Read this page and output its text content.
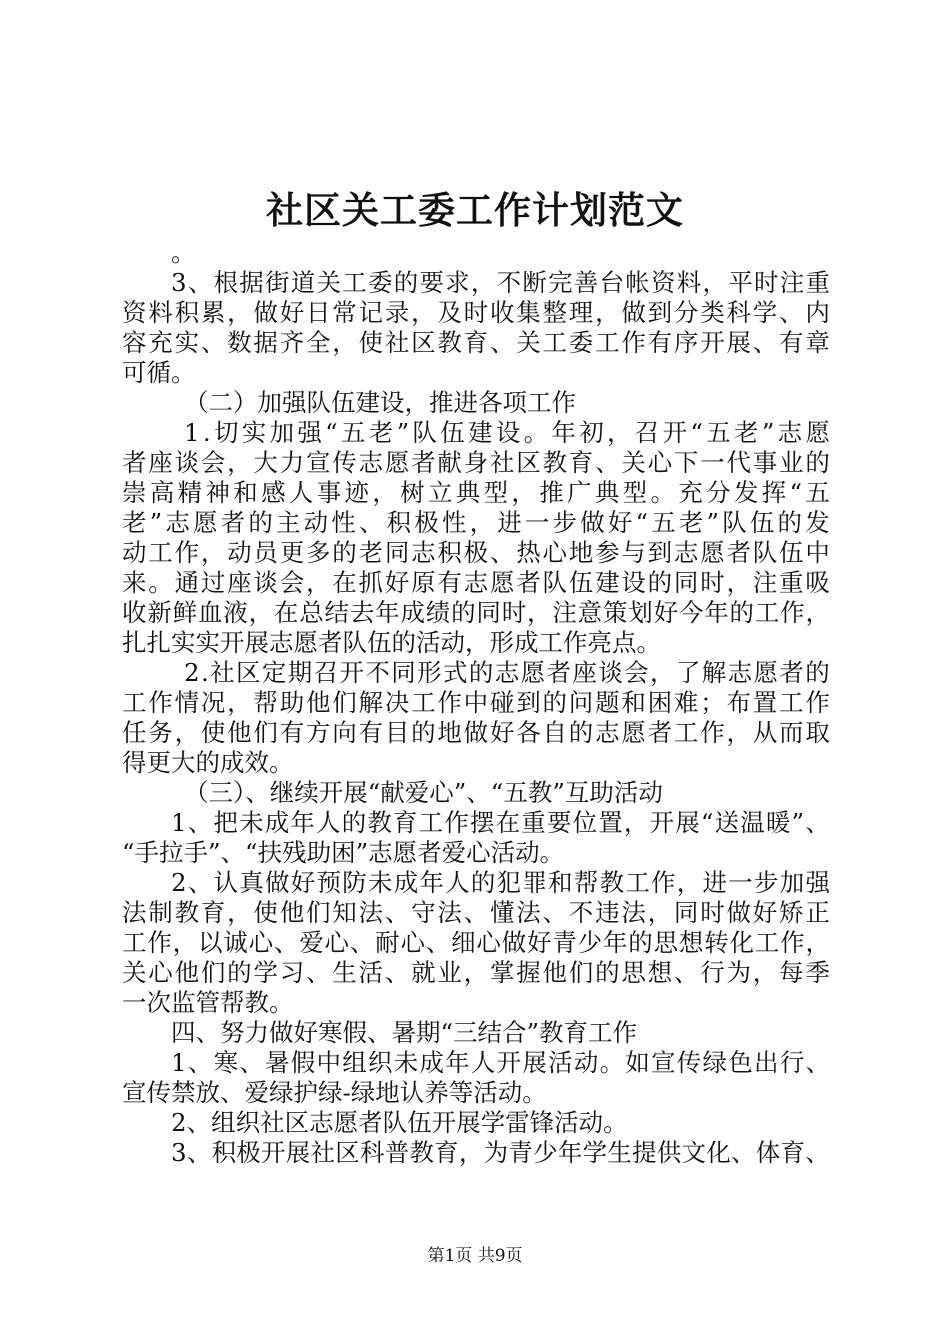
社区关工委工作计划范文
。
3 、 根 据 街 道 关 工 委 的 要 求 ， 不 断 完 善 台 帐 资 料 ， 平 时 注 重
资 料 积 累 ， 做 好 日 常 记 录 ， 及 时 收 集 整 理 ， 做 到 分 类 科 学 、 内
容 充 实 、 数 据 齐 全 ， 使 社 区 教 育 、 关 工 委 工 作 有 序 开 展 、 有 章
可循。
（二）加强队伍建设，推进各项工作
1 . 切 实 加 强 “ 五 老 ” 队 伍 建 设 。 年 初 ， 召 开 “ 五 老 ” 志 愿
者 座 谈 会 ， 大 力 宣 传 志 愿 者 献 身 社 区 教 育 、 关 心 下 一 代 事 业 的
崇 高 精 神 和 感 人 事 迹 ， 树 立 典 型 ， 推 广 典 型 。 充 分 发 挥 “ 五
老 ” 志 愿 者 的 主 动 性 、 积 极 性 ， 进 一 步 做 好 “ 五 老 ” 队 伍 的 发
动 工 作 ， 动 员 更 多 的 老 同 志 积 极 、 热 心 地 参 与 到 志 愿 者 队 伍 中
来 。 通 过 座 谈 会 ， 在 抓 好 原 有 志 愿 者 队 伍 建 设 的 同 时 ， 注 重 吸
收 新 鲜 血 液 ， 在 总 结 去 年 成 绩 的 同 时 ， 注 意 策 划 好 今 年 的 工 作 ，
扎扎实实开展志愿者队伍的活动，形成工作亮点。
2 . 社 区 定 期 召 开 不 同 形 式 的 志 愿 者 座 谈 会 ， 了 解 志 愿 者 的
工 作 情 况 ， 帮 助 他 们 解 决 工 作 中 碰 到 的 问 题 和 困 难 ； 布 置 工 作
任 务 ， 使 他 们 有 方 向 有 目 的 地 做 好 各 自 的 志 愿 者 工 作 ， 从 而 取
得更大的成效。
（三）、继续开展“献爱心”、“五教”互助活动
1 、 把 未 成 年 人 的 教 育 工 作 摆 在 重 要 位 置 ， 开 展 “ 送 温 暖 ” 、
“手拉手”、“扶残助困”志愿者爱心活动。
2 、 认 真 做 好 预 防 未 成 年 人 的 犯 罪 和 帮 教 工 作 ， 进 一 步 加 强
法 制 教 育 ， 使 他 们 知 法 、 守 法 、 懂 法 、 不 违 法 ， 同 时 做 好 矫 正
工 作 ， 以 诚 心 、 爱 心 、 耐 心 、 细 心 做 好 青 少 年 的 思 想 转 化 工 作 ，
关 心 他 们 的 学 习 、 生 活 、 就 业 ， 掌 握 他 们 的 思 想 、 行 为 ， 每 季
一次监管帮教。
四、努力做好寒假、暑期“三结合”教育工作
1 、 寒 、 暑 假 中 组 织 未 成 年 人 开 展 活 动 。 如 宣 传 绿 色 出 行 、
宣传禁放、爱绿护绿-绿地认养等活动。
2、组织社区志愿者队伍开展学雷锋活动。
3 、 积 极 开 展 社 区 科 普 教 育 ， 为 青 少 年 学 生 提 供 文 化 、 体 育 、
第1页 共9页
